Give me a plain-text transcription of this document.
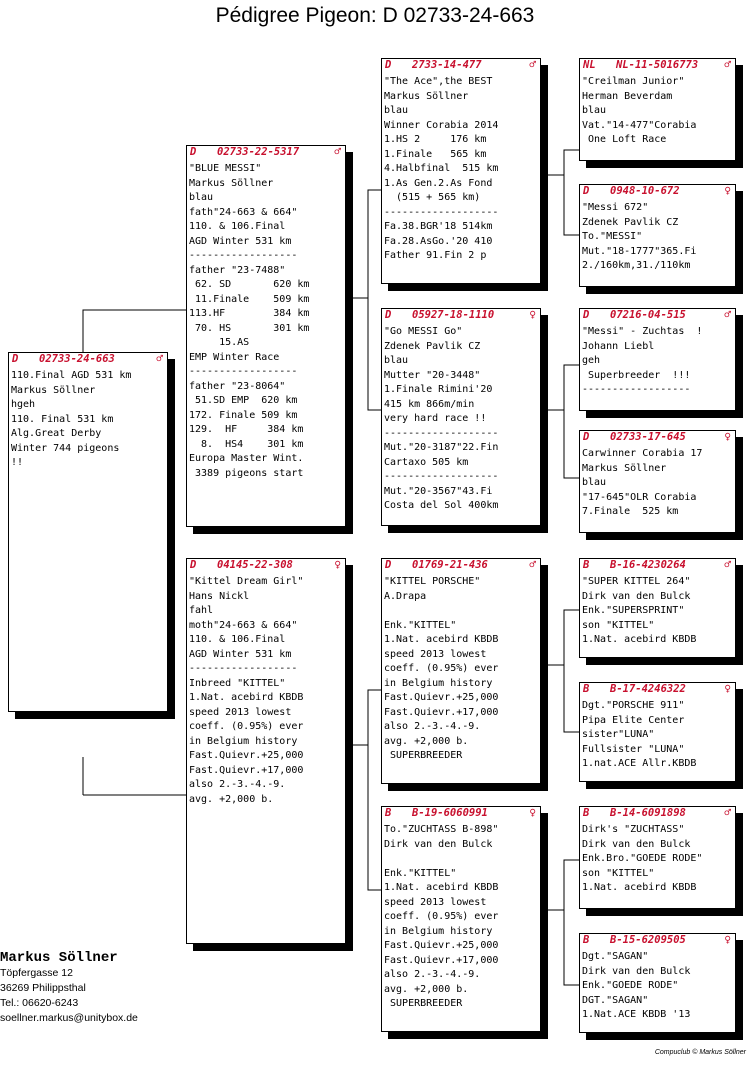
Pédigree Pigeon: D 02733-24-663

D

02733-24-663

	♂

110.Final AGD 531 km
Markus Söllner
hgeh
110. Final 531 km
Alg.Great Derby
Winter 744 pigeons
!!

D

02733-22-5317

	♂

"BLUE MESSI"
Markus Söllner
blau
fath"24-663 & 664"
110. & 106.Final
AGD Winter 531 km
------------------
father "23-7488"
62. SD       620 km
11.Finale    509 km
113.HF        384 km
70. HS       301 km
15.AS
EMP Winter Race
------------------
father "23-8064"
51.SD EMP  620 km
172. Finale 509 km
129.  HF     384 km
8.  HS4    301 km
Europa Master Wint.
3389 pigeons start

D

04145-22-308

	♀

"Kittel Dream Girl"
Hans Nickl
fahl
moth"24-663 & 664"
110. & 106.Final
AGD Winter 531 km
------------------
Inbreed "KITTEL"
1.Nat. acebird KBDB
speed 2013 lowest
coeff. (0.95%) ever
in Belgium history
Fast.Quievr.+25,000
Fast.Quievr.+17,000
also 2.-3.-4.-9.
avg. +2,000 b.

D

2733-14-477

	♂

"The Ace",the BEST
Markus Söllner
blau
Winner Corabia 2014
1.HS 2     176 km
1.Finale   565 km
4.Halbfinal  515 km
1.As Gen.2.As Fond
(515 + 565 km)
-------------------
Fa.38.BGR'18 514km
Fa.28.AsGo.'20 410
Father 91.Fin 2 p

D

05927-18-1110

	♀

"Go MESSI Go"
Zdenek Pavlik CZ
blau
Mutter "20-3448"
1.Finale Rimini'20
415 km 866m/min
very hard race !!
-------------------
Mut."20-3187"22.Fin
Cartaxo 505 km
-------------------
Mut."20-3567"43.Fi
Costa del Sol 400km

D

01769-21-436

	♂

"KITTEL PORSCHE"
A.Drapa

Enk."KITTEL"
1.Nat. acebird KBDB
speed 2013 lowest
coeff. (0.95%) ever
in Belgium history
Fast.Quievr.+25,000
Fast.Quievr.+17,000
also 2.-3.-4.-9.
avg. +2,000 b.
SUPERBREEDER

B

B-19-6060991

	♀

To."ZUCHTASS B-898"
Dirk van den Bulck

Enk."KITTEL"
1.Nat. acebird KBDB
speed 2013 lowest
coeff. (0.95%) ever
in Belgium history
Fast.Quievr.+25,000
Fast.Quievr.+17,000
also 2.-3.-4.-9.
avg. +2,000 b.
SUPERBREEDER

NL

NL-11-5016773

♂

"Creilman Junior"
Herman Beverdam
blau
Vat."14-477"Corabia
One Loft Race

D

0948-10-672

	♀

"Messi 672"
Zdenek Pavlik CZ
To."MESSI"
Mut."18-1777"365.Fi
2./160km,31./110km

D

07216-04-515

	♂

"Messi" - Zuchtas  !
Johann Liebl
geh
Superbreeder  !!!
------------------

D

02733-17-645

	♀

Carwinner Corabia 17
Markus Söllner
blau
"17-645"OLR Corabia
7.Finale  525 km

B

B-16-4230264

	♂

"SUPER KITTEL 264"
Dirk van den Bulck
Enk."SUPERSPRINT"
son "KITTEL"
1.Nat. acebird KBDB

B

B-17-4246322

	♀

Dgt."PORSCHE 911"
Pipa Elite Center
sister"LUNA"
Fullsister "LUNA"
1.nat.ACE Allr.KBDB

B

B-14-6091898

	♂

Dirk's "ZUCHTASS"
Dirk van den Bulck
Enk.Bro."GOEDE RODE"
son "KITTEL"
1.Nat. acebird KBDB

B

B-15-6209505

	♀

Dgt."SAGAN"
Dirk van den Bulck
Enk."GOEDE RODE"
DGT."SAGAN"
1.Nat.ACE KBDB '13
Markus Söllner
Töpfergasse 12
36269 Philippsthal
Tel.: 06620-6243
soellner.markus@unitybox.de
Compuclub © Markus Söllner
